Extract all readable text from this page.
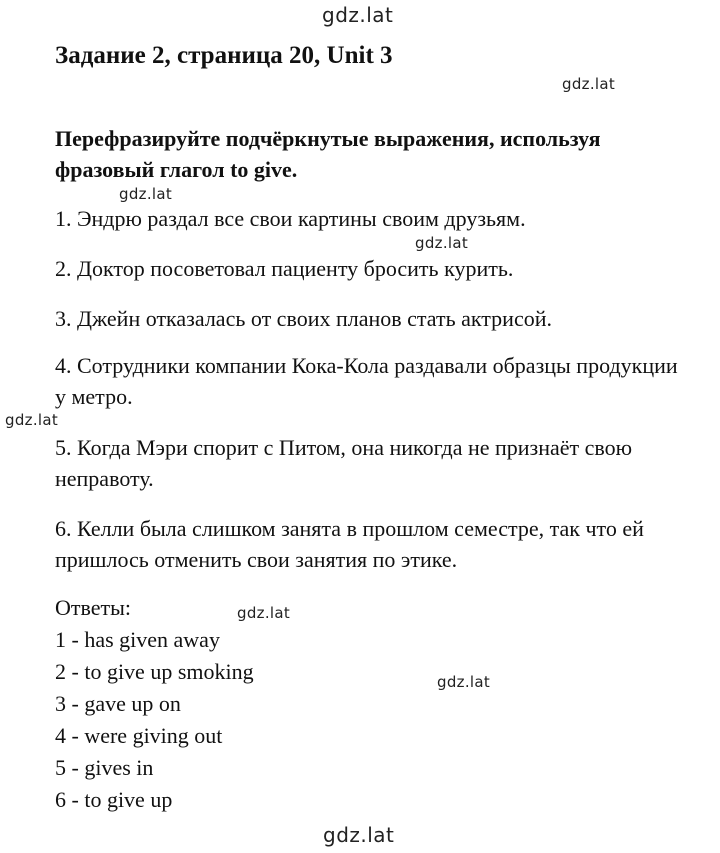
gdz.lat
gdz.lat
gdz.lat
gdz.lat
gdz.lat
gdz.lat
gdz.lat
gdz.lat
Задание 2, страница 20, Unit 3
Перефразируйте подчёркнутые выражения, используя фразовый глагол to give.
1. Эндрю раздал все свои картины своим друзьям.
2. Доктор посоветовал пациенту бросить курить.
3. Джейн отказалась от своих планов стать актрисой.
4. Сотрудники компании Кока-Кола раздавали образцы продукции у метро.
5. Когда Мэри спорит с Питом, она никогда не признаёт свою неправоту.
6. Келли была слишком занята в прошлом семестре, так что ей пришлось отменить свои занятия по этике.
Ответы:
1 - has given away
2 - to give up smoking
3 - gave up on
4 - were giving out
5 - gives in
6 - to give up
